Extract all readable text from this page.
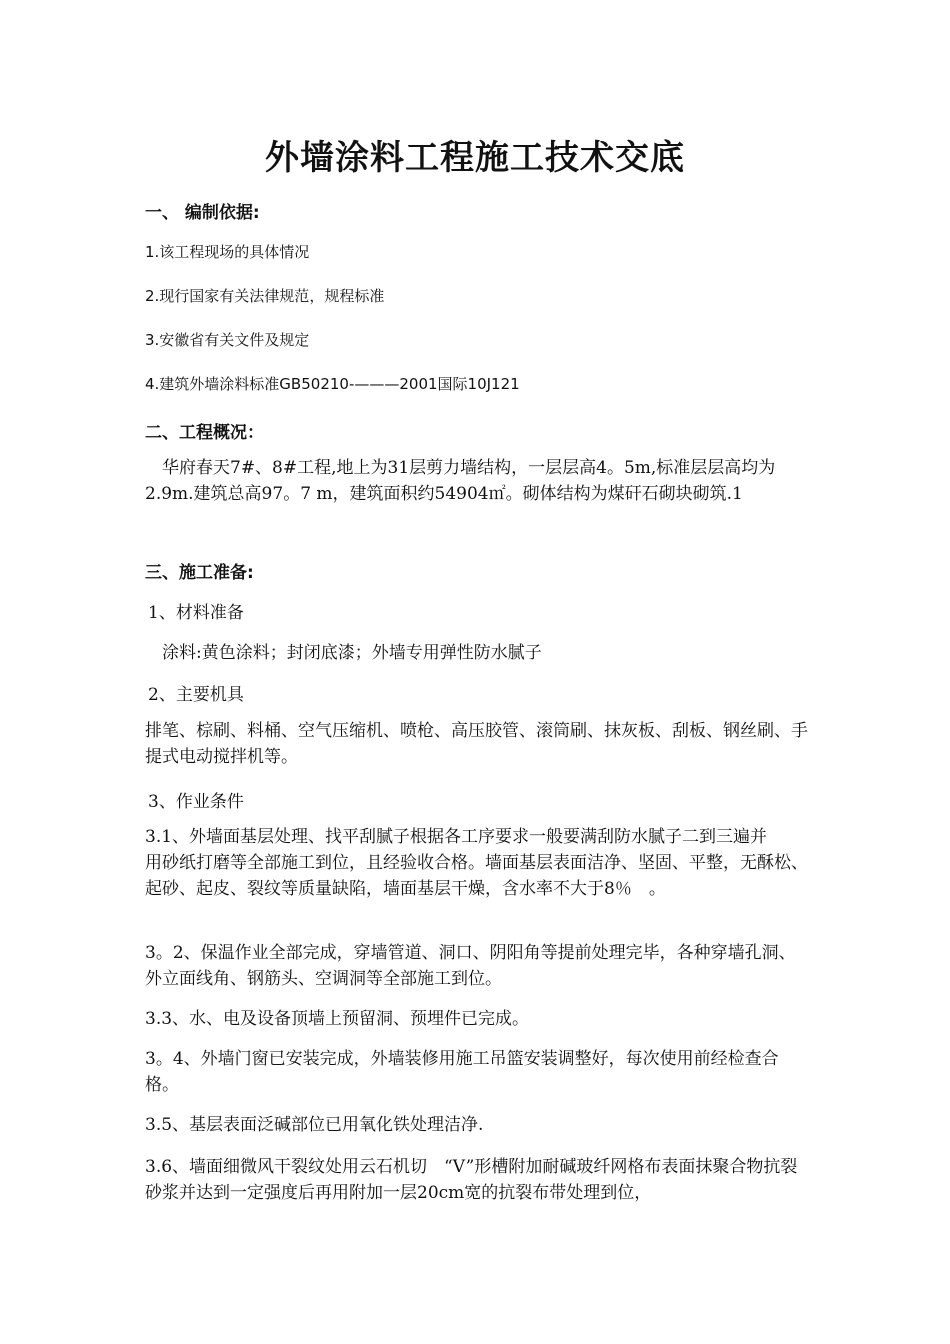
外墙涂料工程施工技术交底
一、 编制依据:
1.该工程现场的具体情况
2.现行国家有关法律规范，规程标准
3.安徽省有关文件及规定
4.建筑外墙涂料标准GB50210-———2001国际10J121
二、工程概况：
华府春天7#、8#工程,地上为31层剪力墙结构，一层层高4。5m,标准层层高均为2.9m.建筑总高97。7 m，建筑面积约54904㎡。砌体结构为煤矸石砌块砌筑.1
三、施工准备:
1、材料准备
涂料:黄色涂料；封闭底漆；外墙专用弹性防水腻子
2、主要机具
排笔、棕刷、料桶、空气压缩机、喷枪、高压胶管、滚筒刷、抹灰板、刮板、钢丝刷、手提式电动搅拌机等。
3、作业条件
3.1、外墙面基层处理、找平刮腻子根据各工序要求一般要满刮防水腻子二到三遍并　　用砂纸打磨等全部施工到位，且经验收合格。墙面基层表面洁净、坚固、平整，无酥松、起砂、起皮、裂纹等质量缺陷，墙面基层干燥，含水率不大于8％　。
3。2、保温作业全部完成，穿墙管道、洞口、阴阳角等提前处理完毕，各种穿墙孔洞、外立面线角、钢筋头、空调洞等全部施工到位。
3.3、水、电及设备顶墙上预留洞、预埋件已完成。
3。4、外墙门窗已安装完成，外墙装修用施工吊篮安装调整好，每次使用前经检查合格。
3.5、基层表面泛碱部位已用氧化铁处理洁净.
3.6、墙面细微风干裂纹处用云石机切　“V”形槽附加耐碱玻纤网格布表面抹聚合物抗裂砂浆并达到一定强度后再用附加一层20cm宽的抗裂布带处理到位，
